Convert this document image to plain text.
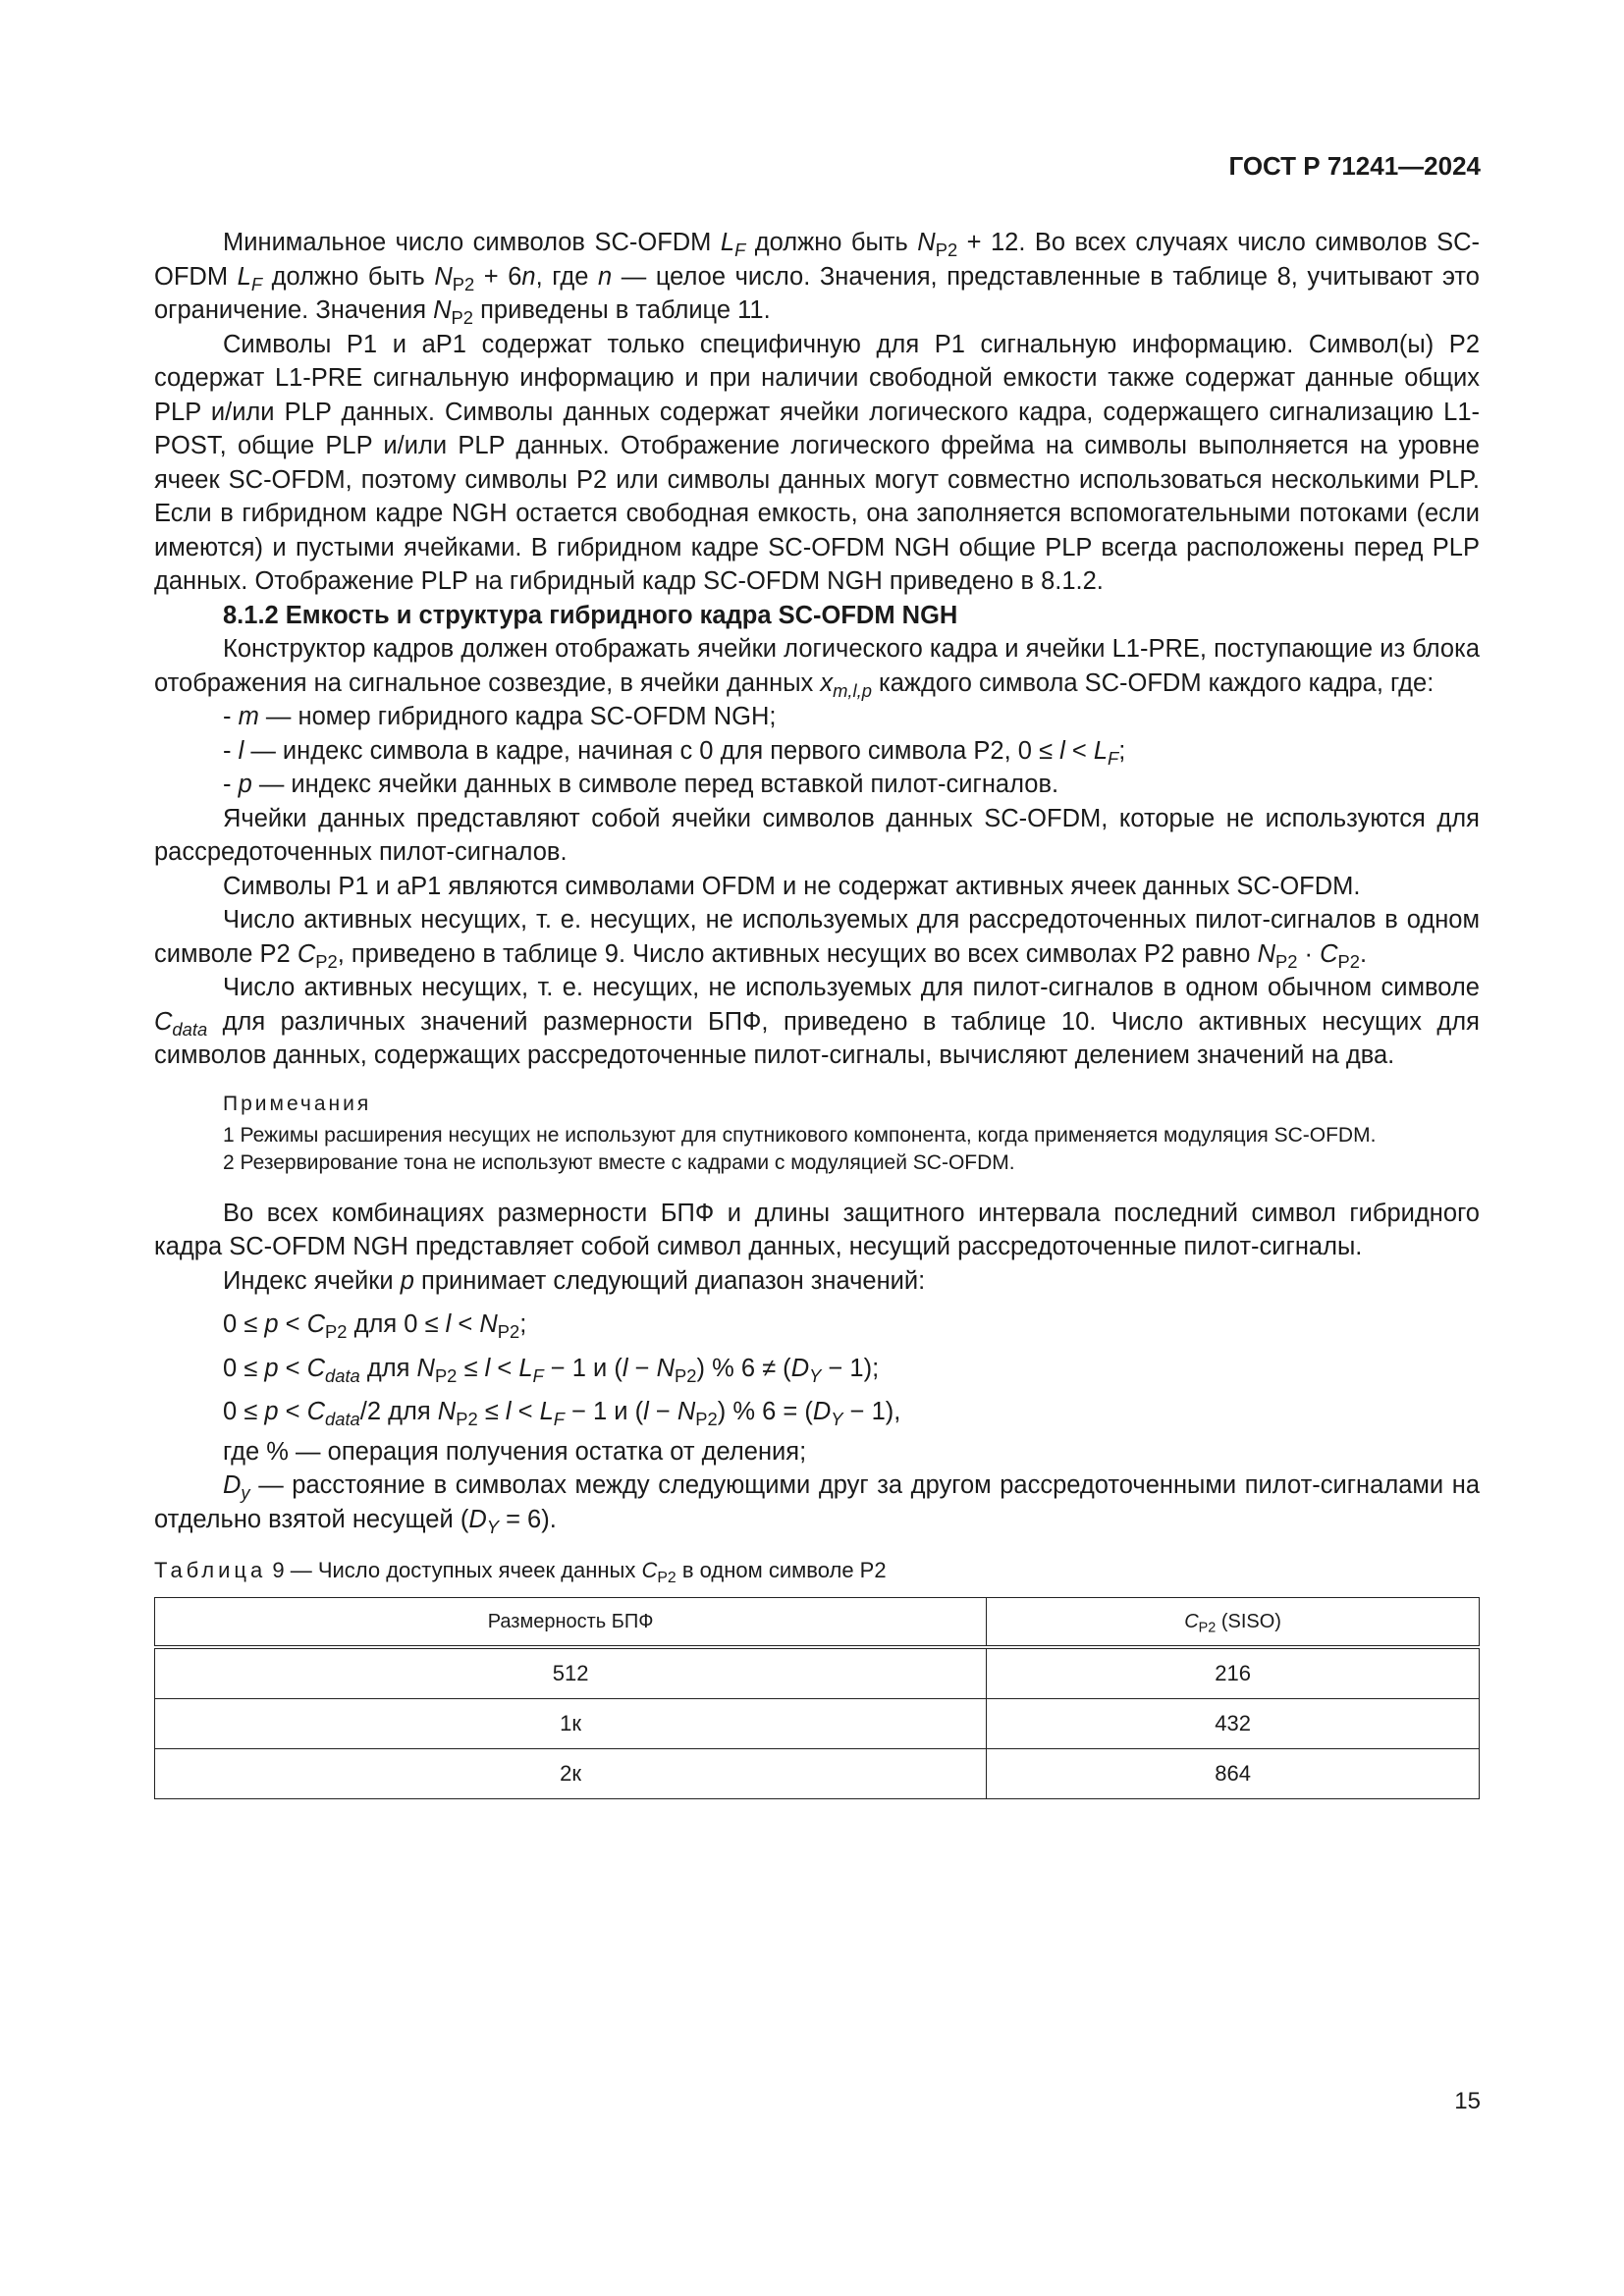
ГОСТ Р 71241—2024

Минимальное число символов SC-OFDM $L_F$ должно быть $N_{P2} + 12$. Во всех случаях число символов SC-OFDM $L_F$ должно быть $N_{P2} + 6n$, где n — целое число. Значения, представленные в таблице 8, учитывают это ограничение. Значения $N_{P2}$ приведены в таблице 11.

Символы P1 и aP1 содержат только специфичную для P1 сигнальную информацию. Символ(ы) P2 содержат L1-PRE сигнальную информацию и при наличии свободной емкости также содержат данные общих PLP и/или PLP данных. Символы данных содержат ячейки логического кадра, содержащего сигнализацию L1-POST, общие PLP и/или PLP данных. Отображение логического фрейма на символы выполняется на уровне ячеек SC-OFDM, поэтому символы P2 или символы данных могут совместно использоваться несколькими PLP. Если в гибридном кадре NGH остается свободная емкость, она заполняется вспомогательными потоками (если имеются) и пустыми ячейками. В гибридном кадре SC-OFDM NGH общие PLP всегда расположены перед PLP данных. Отображение PLP на гибридный кадр SC-OFDM NGH приведено в 8.1.2.

8.1.2 Емкость и структура гибридного кадра SC-OFDM NGH

Конструктор кадров должен отображать ячейки логического кадра и ячейки L1-PRE, поступающие из блока отображения на сигнальное созвездие, в ячейки данных $x_{m,l,p}$ каждого символа SC-OFDM каждого кадра, где:

- m — номер гибридного кадра SC-OFDM NGH;

- l — индекс символа в кадре, начиная с 0 для первого символа P2, $0 \le l < L_F$;

- p — индекс ячейки данных в символе перед вставкой пилот-сигналов.

Ячейки данных представляют собой ячейки символов данных SC-OFDM, которые не используются для рассредоточенных пилот-сигналов.

Символы P1 и aP1 являются символами OFDM и не содержат активных ячеек данных SC-OFDM.

Число активных несущих, т. е. несущих, не используемых для рассредоточенных пилот-сигналов в одном символе P2 $C_{P2}$, приведено в таблице 9. Число активных несущих во всех символах P2 равно $N_{P2} \cdot C_{P2}$.

Число активных несущих, т. е. несущих, не используемых для пилот-сигналов в одном обычном символе $C_{data}$ для различных значений размерности БПФ, приведено в таблице 10. Число активных несущих для символов данных, содержащих рассредоточенные пилот-сигналы, вычисляют делением значений на два.

Примечания

1 Режимы расширения несущих не используют для спутникового компонента, когда применяется модуляция SC-OFDM.

2 Резервирование тона не используют вместе с кадрами с модуляцией SC-OFDM.

Во всех комбинациях размерности БПФ и длины защитного интервала последний символ гибридного кадра SC-OFDM NGH представляет собой символ данных, несущий рассредоточенные пилот-сигналы.

Индекс ячейки p принимает следующий диапазон значений:

$0 \le p < C_{P2}$ для $0 \le l < N_{P2}$;

$0 \le p < C_{data}$ для $N_{P2} \le l < L_F - 1$ и $(l - N_{P2})$ % $6 \ne (D_Y - 1)$;

$0 \le p < C_{data}/2$ для $N_{P2} \le l < L_F - 1$ и $(l - N_{P2})$ % $6 = (D_Y - 1)$,

где % — операция получения остатка от деления;

$D_y$ — расстояние в символах между следующими друг за другом рассредоточенными пилот-сигналами на отдельно взятой несущей $(D_Y = 6)$.

Таблица 9 — Число доступных ячеек данных $C_{P2}$ в одном символе P2

Размерность БПФ	$C_{P2}$ (SISO)
512	216
1к	432
2к	864
15
